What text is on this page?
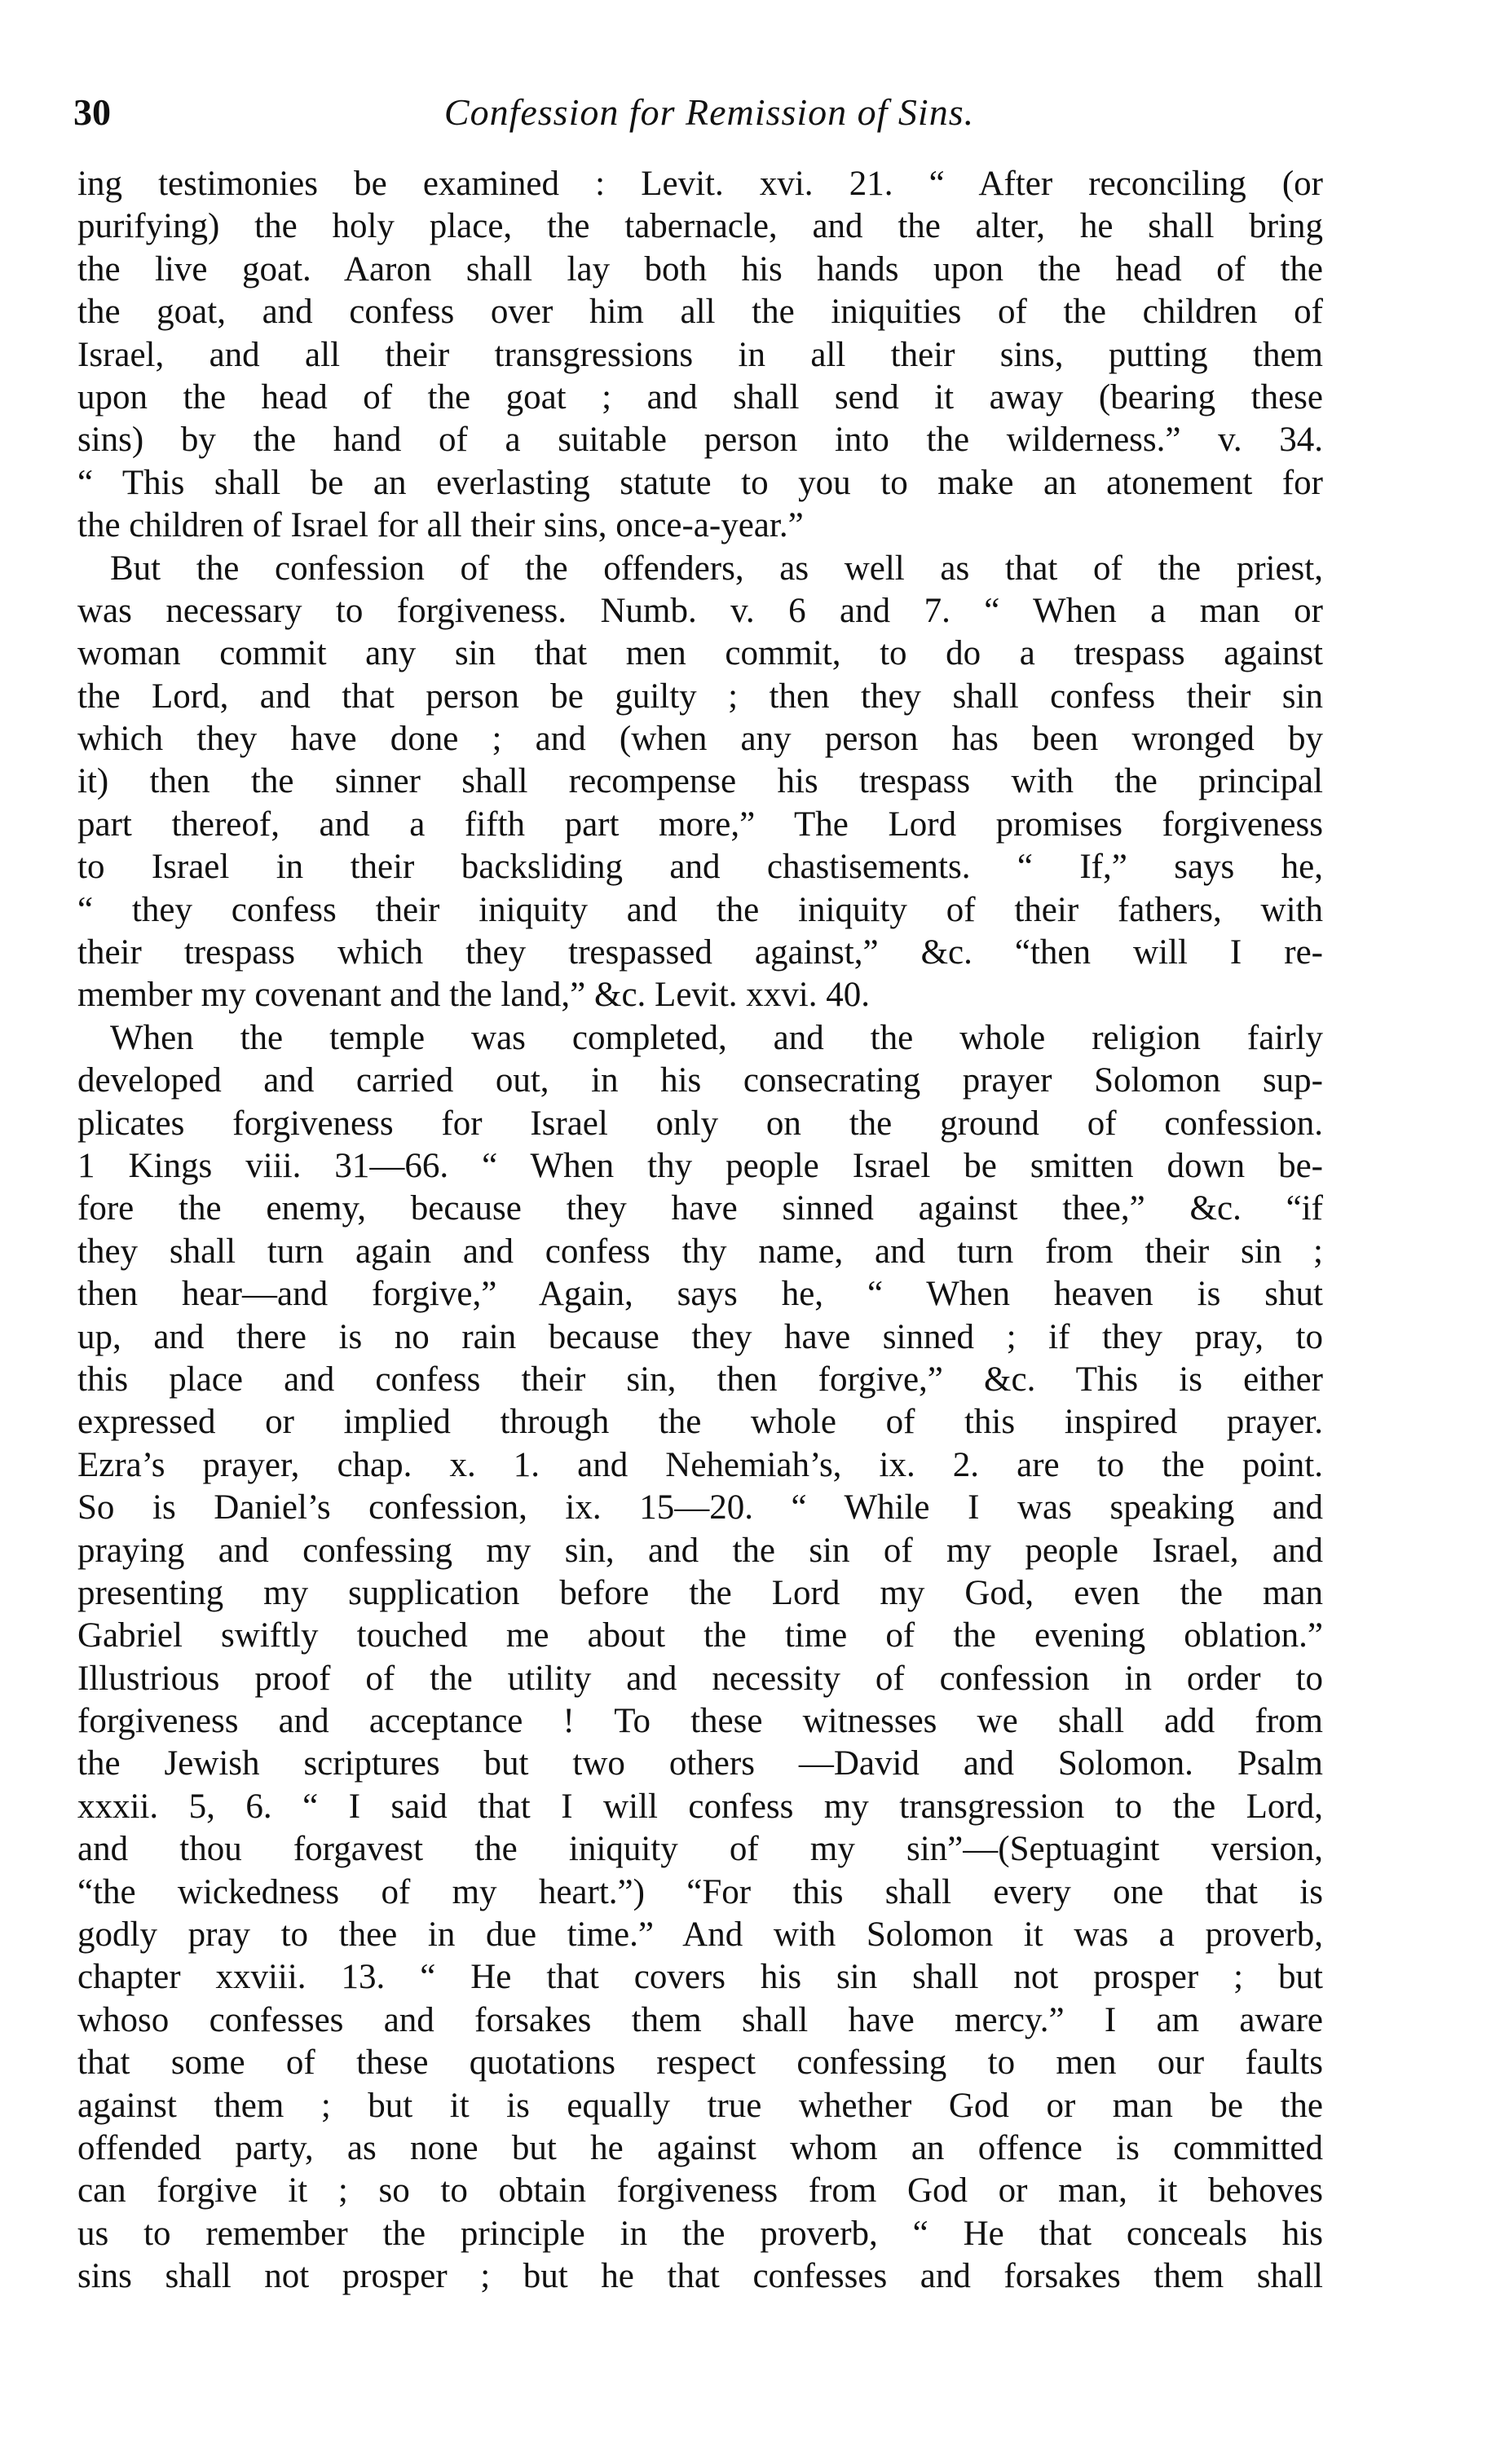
30	Confession for Remission of Sins.
ing testimonies be examined : Levit. xvi. 21. “ After reconciling (or
purifying) the holy place, the tabernacle, and the alter, he shall bring
the live goat. Aaron shall lay both his hands upon the head of the
the goat, and confess over him all the iniquities of the children of
Israel, and all their transgressions in all their sins, putting them
upon the head of the goat ; and shall send it away (bearing these
sins) by the hand of a suitable person into the wilderness.” v. 34.
“ This shall be an everlasting statute to you to make an atonement for
the children of Israel for all their sins, once-a-year.”
But the confession of the offenders, as well as that of the priest,
was necessary to forgiveness. Numb. v. 6 and 7. “ When a man or
woman commit any sin that men commit, to do a trespass against
the Lord, and that person be guilty ; then they shall confess their sin
which they have done ; and (when any person has been wronged by
it) then the sinner shall recompense his trespass with the principal
part thereof, and a fifth part more,” The Lord promises forgiveness
to Israel in their backsliding and chastisements. “ If,” says he,
“ they confess their iniquity and the iniquity of their fathers, with
their trespass which they trespassed against,” &c. “then will I re-
member my covenant and the land,” &c. Levit. xxvi. 40.
When the temple was completed, and the whole religion fairly
developed and carried out, in his consecrating prayer Solomon sup-
plicates forgiveness for Israel only on the ground of confession.
1 Kings viii. 31—66. “ When thy people Israel be smitten down be-
fore the enemy, because they have sinned against thee,” &c. “if
they shall turn again and confess thy name, and turn from their sin ;
then hear—and forgive,” Again, says he, “ When heaven is shut
up, and there is no rain because they have sinned ; if they pray, to
this place and confess their sin, then forgive,” &c. This is either
expressed or implied through the whole of this inspired prayer.
Ezra’s prayer, chap. x. 1. and Nehemiah’s, ix. 2. are to the point.
So is Daniel’s confession, ix. 15—20. “ While I was speaking and
praying and confessing my sin, and the sin of my people Israel, and
presenting my supplication before the Lord my God, even the man
Gabriel swiftly touched me about the time of the evening oblation.”
Illustrious proof of the utility and necessity of confession in order to
forgiveness and acceptance ! To these witnesses we shall add from
the Jewish scriptures but two others —David and Solomon. Psalm
xxxii. 5, 6. “ I said that I will confess my transgression to the Lord,
and thou forgavest the iniquity of my sin”—(Septuagint version,
“the wickedness of my heart.”) “For this shall every one that is
godly pray to thee in due time.” And with Solomon it was a proverb,
chapter xxviii. 13. “ He that covers his sin shall not prosper ; but
whoso confesses and forsakes them shall have mercy.” I am aware
that some of these quotations respect confessing to men our faults
against them ; but it is equally true whether God or man be the
offended party, as none but he against whom an offence is committed
can forgive it ; so to obtain forgiveness from God or man, it behoves
us to remember the principle in the proverb, “ He that conceals his
sins shall not prosper ; but he that confesses and forsakes them shall
